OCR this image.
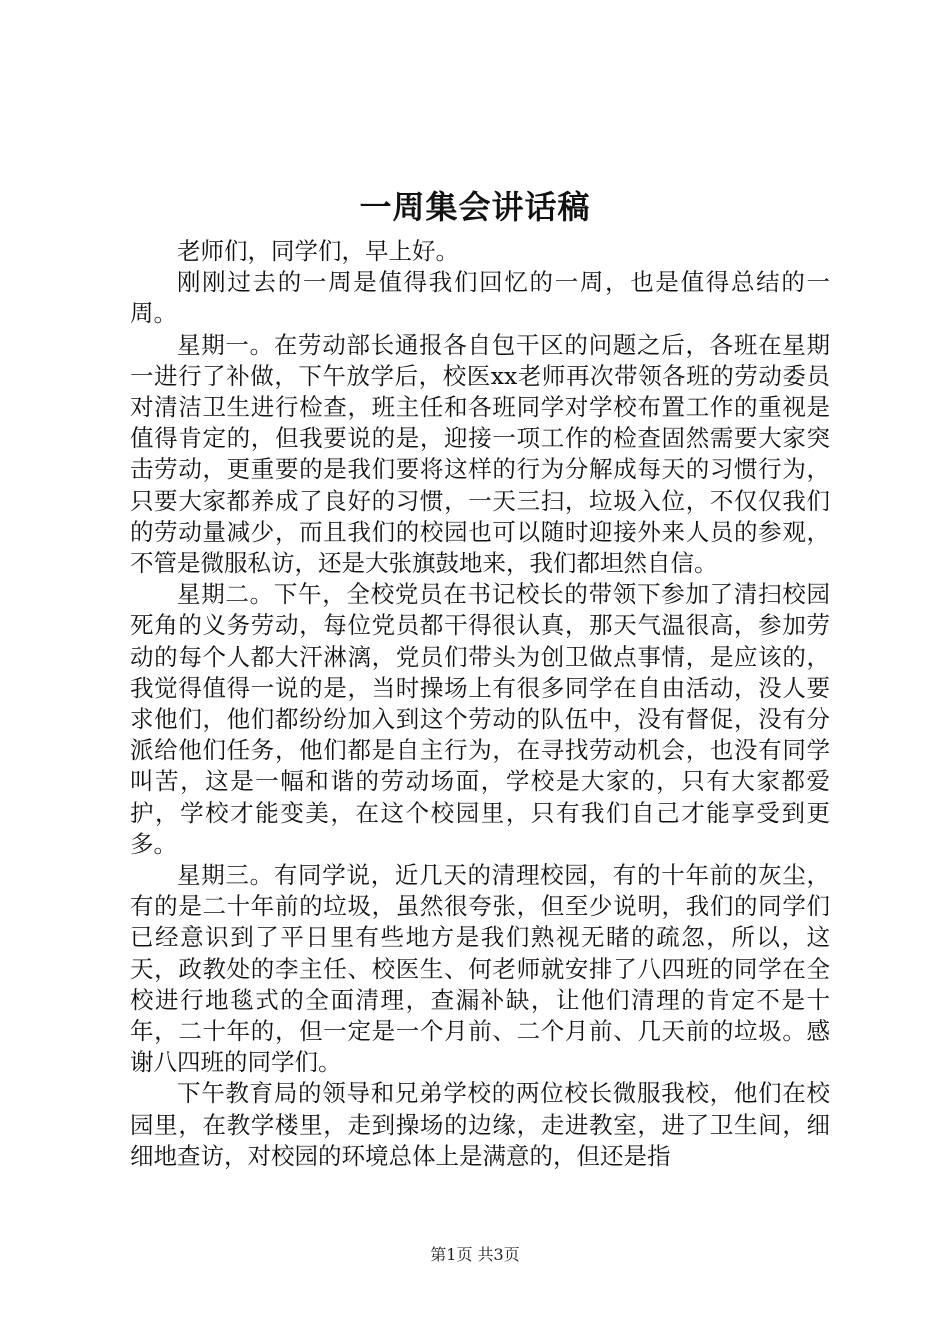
一周集会讲话稿

老师们，同学们，早上好。

刚刚过去的一周是值得我们回忆的一周，也是值得总结的一周。

星期一。在劳动部长通报各自包干区的问题之后，各班在星期一进行了补做，下午放学后，校医xx老师再次带领各班的劳动委员对清洁卫生进行检查，班主任和各班同学对学校布置工作的重视是值得肯定的，但我要说的是，迎接一项工作的检查固然需要大家突击劳动，更重要的是我们要将这样的行为分解成每天的习惯行为，只要大家都养成了良好的习惯，一天三扫，垃圾入位，不仅仅我们的劳动量减少，而且我们的校园也可以随时迎接外来人员的参观，不管是微服私访，还是大张旗鼓地来，我们都坦然自信。

星期二。下午，全校党员在书记校长的带领下参加了清扫校园死角的义务劳动，每位党员都干得很认真，那天气温很高，参加劳动的每个人都大汗淋漓，党员们带头为创卫做点事情，是应该的，我觉得值得一说的是，当时操场上有很多同学在自由活动，没人要求他们，他们都纷纷加入到这个劳动的队伍中，没有督促，没有分派给他们任务，他们都是自主行为，在寻找劳动机会，也没有同学叫苦，这是一幅和谐的劳动场面，学校是大家的，只有大家都爱护，学校才能变美，在这个校园里，只有我们自己才能享受到更多。

星期三。有同学说，近几天的清理校园，有的十年前的灰尘，有的是二十年前的垃圾，虽然很夸张，但至少说明，我们的同学们已经意识到了平日里有些地方是我们熟视无睹的疏忽，所以，这天，政教处的李主任、校医生、何老师就安排了八四班的同学在全校进行地毯式的全面清理，查漏补缺，让他们清理的肯定不是十年，二十年的，但一定是一个月前、二个月前、几天前的垃圾。感谢八四班的同学们。

下午教育局的领导和兄弟学校的两位校长微服我校，他们在校园里，在教学楼里，走到操场的边缘，走进教室，进了卫生间，细细地查访，对校园的环境总体上是满意的，但还是指

第1页 共3页
